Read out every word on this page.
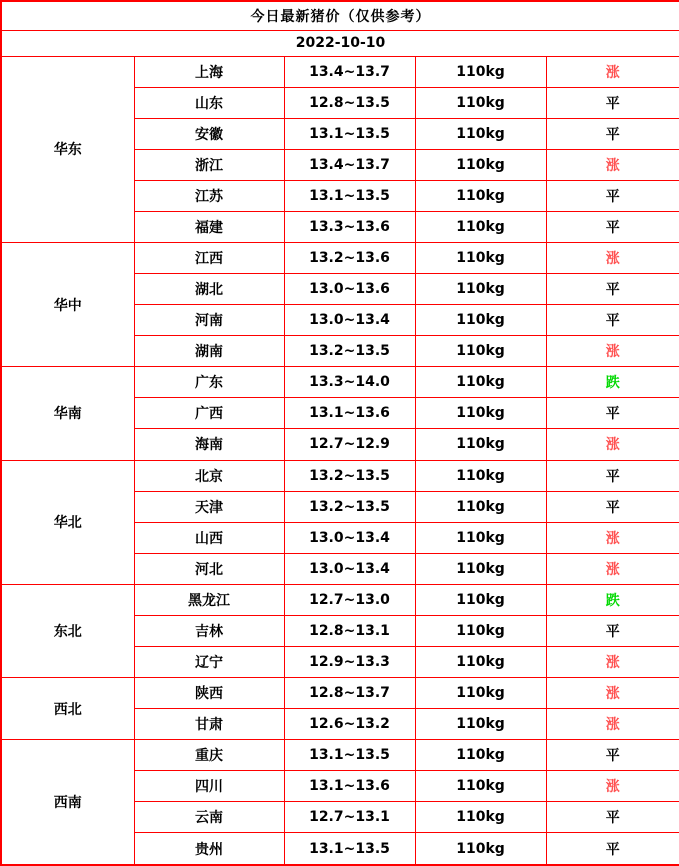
今日最新猪价（仅供参考）				
2022-10-10				
华东	上海	13.4~13.7	110kg	涨
	山东	12.8~13.5	110kg	平
	安徽	13.1~13.5	110kg	平
	浙江	13.4~13.7	110kg	涨
	江苏	13.1~13.5	110kg	平
	福建	13.3~13.6	110kg	平
华中	江西	13.2~13.6	110kg	涨
	湖北	13.0~13.6	110kg	平
	河南	13.0~13.4	110kg	平
	湖南	13.2~13.5	110kg	涨
华南	广东	13.3~14.0	110kg	跌
	广西	13.1~13.6	110kg	平
	海南	12.7~12.9	110kg	涨
华北	北京	13.2~13.5	110kg	平
	天津	13.2~13.5	110kg	平
	山西	13.0~13.4	110kg	涨
	河北	13.0~13.4	110kg	涨
东北	黑龙江	12.7~13.0	110kg	跌
	吉林	12.8~13.1	110kg	平
	辽宁	12.9~13.3	110kg	涨
西北	陕西	12.8~13.7	110kg	涨
	甘肃	12.6~13.2	110kg	涨
西南	重庆	13.1~13.5	110kg	平
	四川	13.1~13.6	110kg	涨
	云南	12.7~13.1	110kg	平
	贵州	13.1~13.5	110kg	平
